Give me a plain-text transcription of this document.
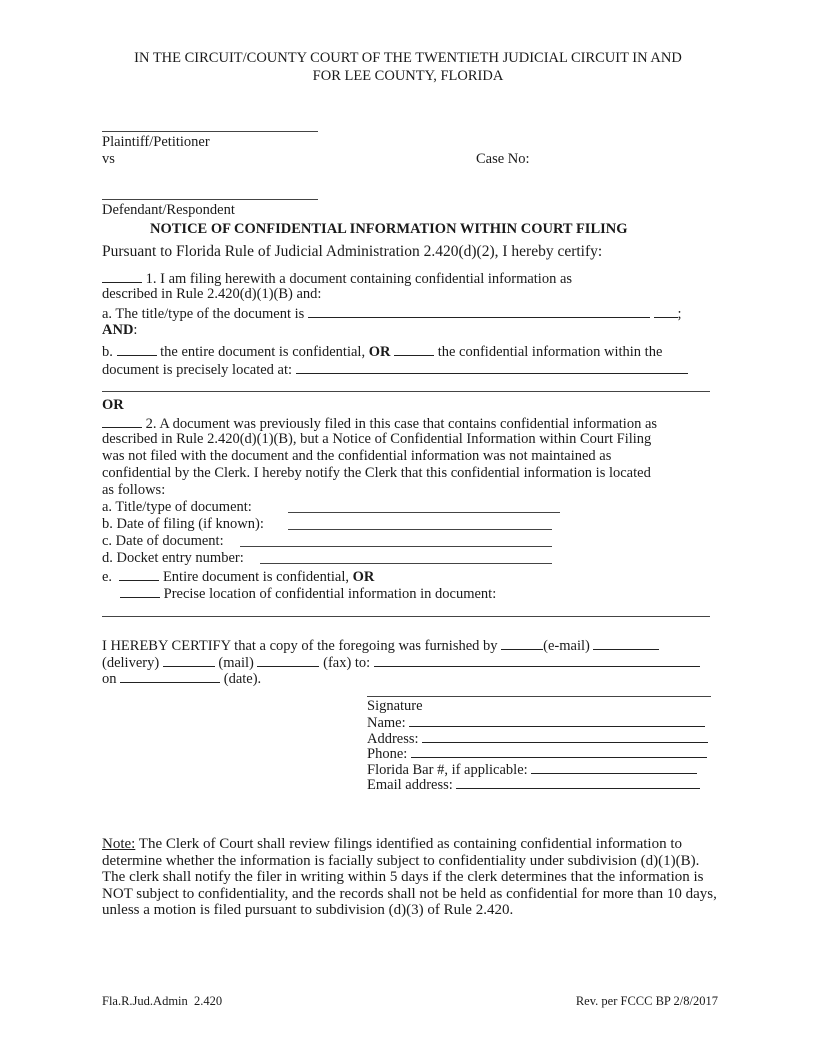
IN THE CIRCUIT/COUNTY COURT OF THE TWENTIETH JUDICIAL CIRCUIT IN AND
FOR LEE COUNTY, FLORIDA
Plaintiff/Petitioner
vs	Case No:
Defendant/Respondent
NOTICE OF CONFIDENTIAL INFORMATION WITHIN COURT FILING
Pursuant to Florida Rule of Judicial Administration 2.420(d)(2), I hereby certify:
1. I am filing herewith a document containing confidential information as
described in Rule 2.420(d)(1)(B) and:
a. The title/type of the document is	;
AND:
b.	the entire document is confidential, OR	the confidential information within the
document is precisely located at:
OR
2. A document was previously filed in this case that contains confidential information as
described in Rule 2.420(d)(1)(B), but a Notice of Confidential Information within Court Filing
was not filed with the document and the confidential information was not maintained as
confidential by the Clerk. I hereby notify the Clerk that this confidential information is located
as follows:
a. Title/type of document:
b. Date of filing (if known):
c. Date of document:
d. Docket entry number:
e.	Entire document is confidential, OR
Precise location of confidential information in document:
I HEREBY CERTIFY that a copy of the foregoing was furnished by	(e-mail)
(delivery)	(mail)	(fax) to:
on	(date).
Signature
Name:
Address:
Phone:
Florida Bar #, if applicable:
Email address:
Note: The Clerk of Court shall review filings identified as containing confidential information to determine whether the information is facially subject to confidentiality under subdivision (d)(1)(B). The clerk shall notify the filer in writing within 5 days if the clerk determines that the information is NOT subject to confidentiality, and the records shall not be held as confidential for more than 10 days, unless a motion is filed pursuant to subdivision (d)(3) of Rule 2.420.
Fla.R.Jud.Admin  2.420	Rev. per FCCC BP 2/8/2017
